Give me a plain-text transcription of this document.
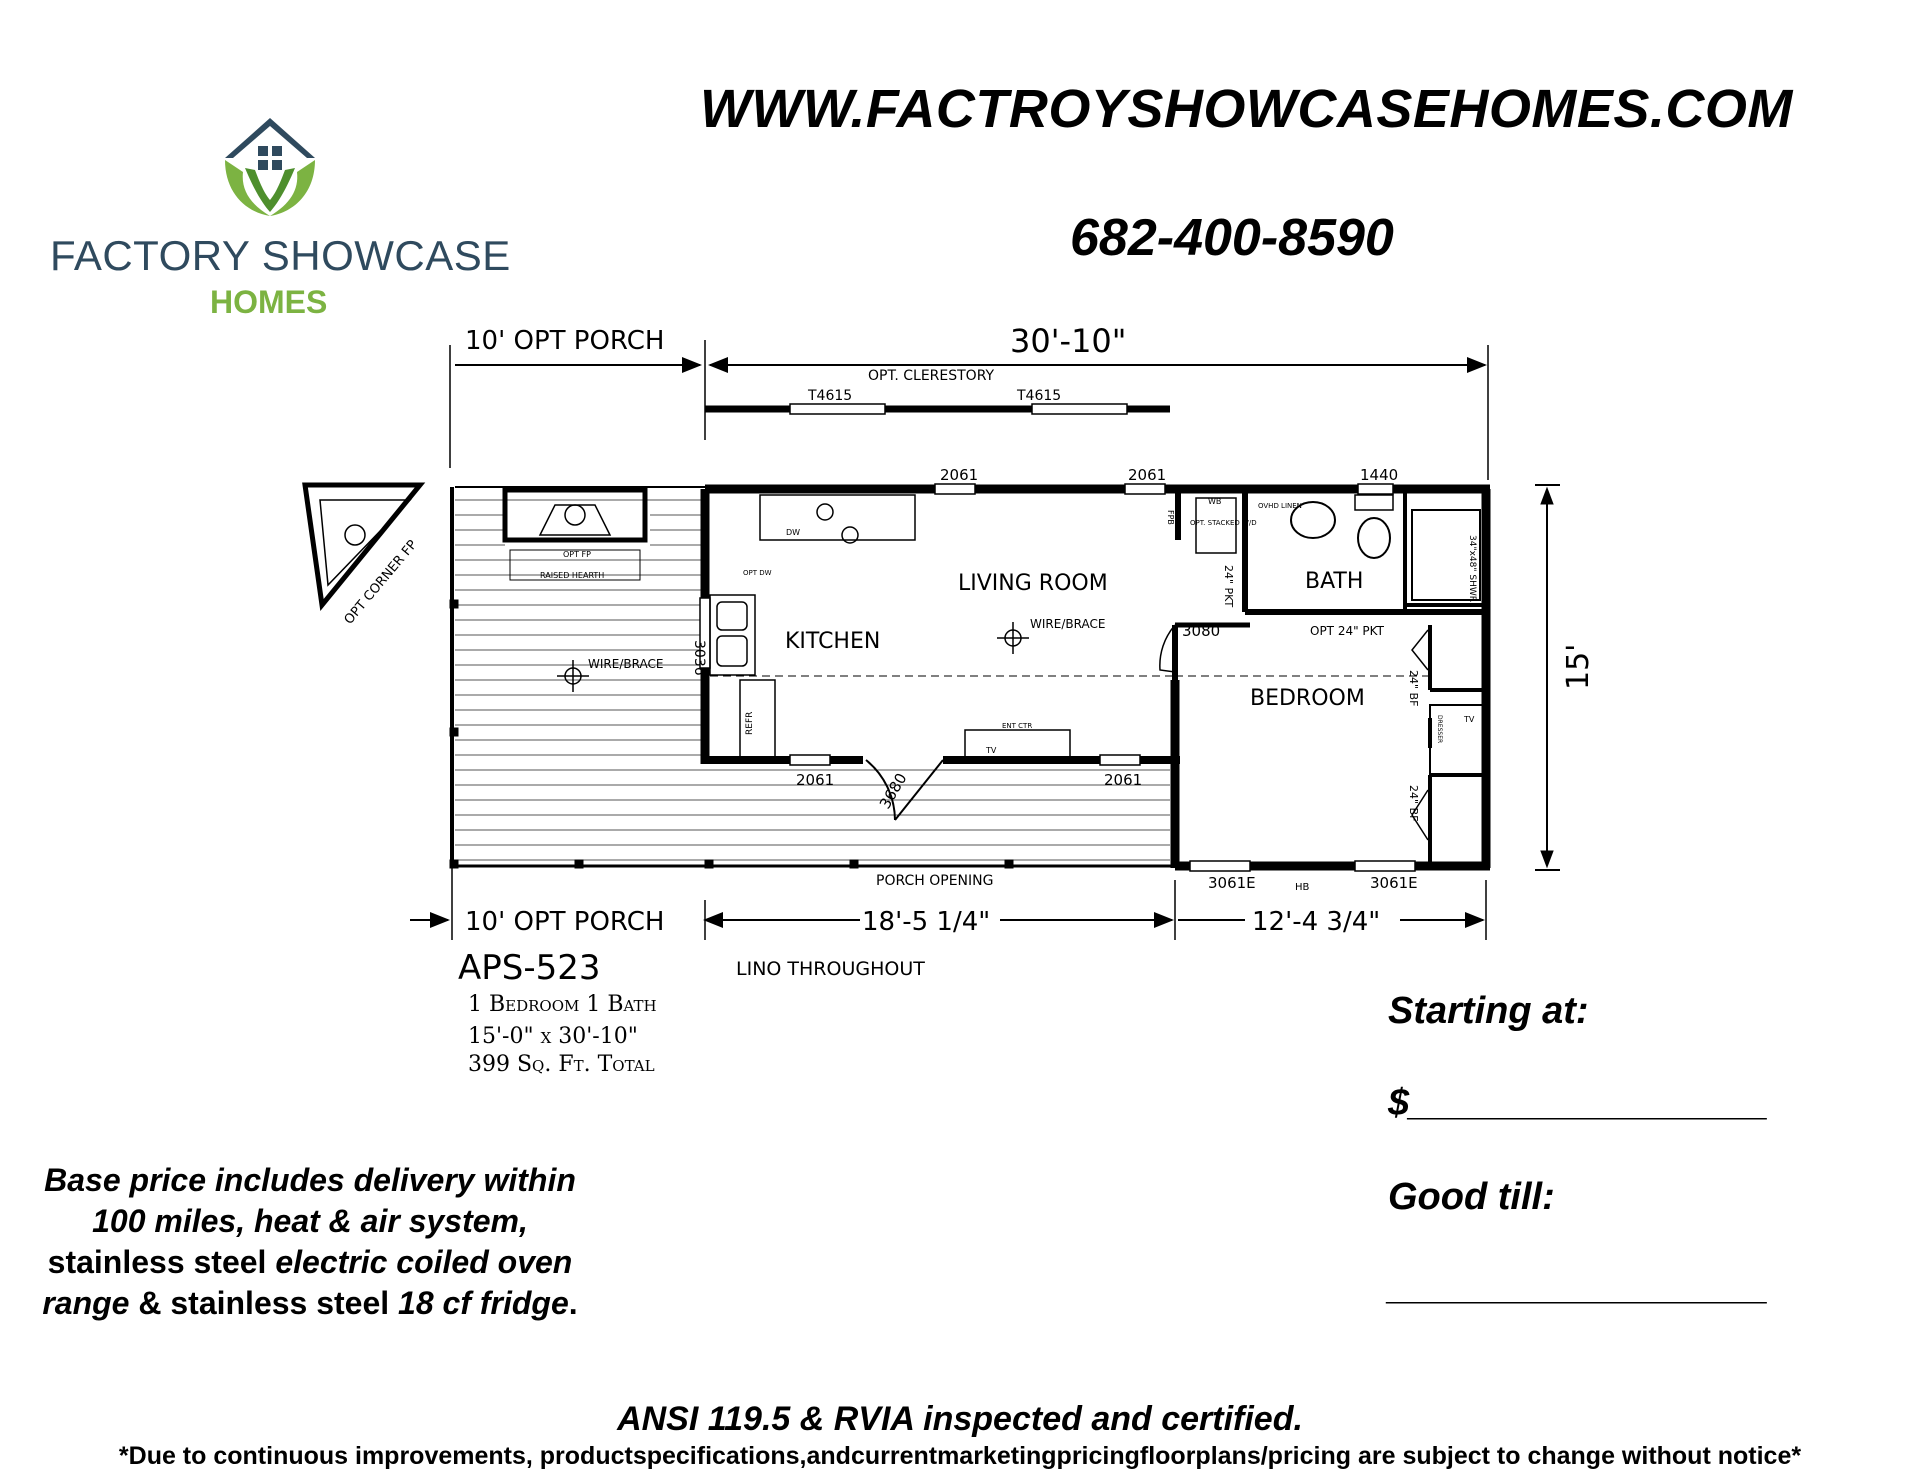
WWW.FACTROYSHOWCASEHOMES.COM
682-400-8590
FACTORY SHOWCASE
HOMES
10' OPT PORCH	30'-10"
OPT. CLERESTORY
T4615	T4615
15'
2061	2061	1440
2061	2061
3061E	3061E
3036
3680
3080
LIVING ROOM
KITCHEN
BATH
BEDROOM
WIRE/BRACE
WIRE/BRACE
OPT FP
RAISED HEARTH
OPT CORNER FP
PORCH OPENING
OPT 24" PKT
24" PKT
24" BF
24" BF
HB
ENT CTR
REFR
DW
OPT DW
FPB
WB
OPT. STACKED W/D
OVHD LINEN
34"x48" SHWR
DRESSER
TV
TV
10' OPT PORCH	18'-5 1/4"	12'-4 3/4"
APS-523
1 Bedroom 1 Bath
15'-0" x 30'-10"
399 Sq. Ft. Total
LINO THROUGHOUT
Starting at:
$_________________
Good till:
__________________
Base price includes delivery within 100 miles, heat & air system, stainless steel electric coiled oven range & stainless steel 18 cf fridge.
ANSI 119.5 & RVIA inspected and certified.
*Due to continuous improvements, productspecifications,andcurrentmarketingpricingfloorplans/pricing are subject to change without notice*
